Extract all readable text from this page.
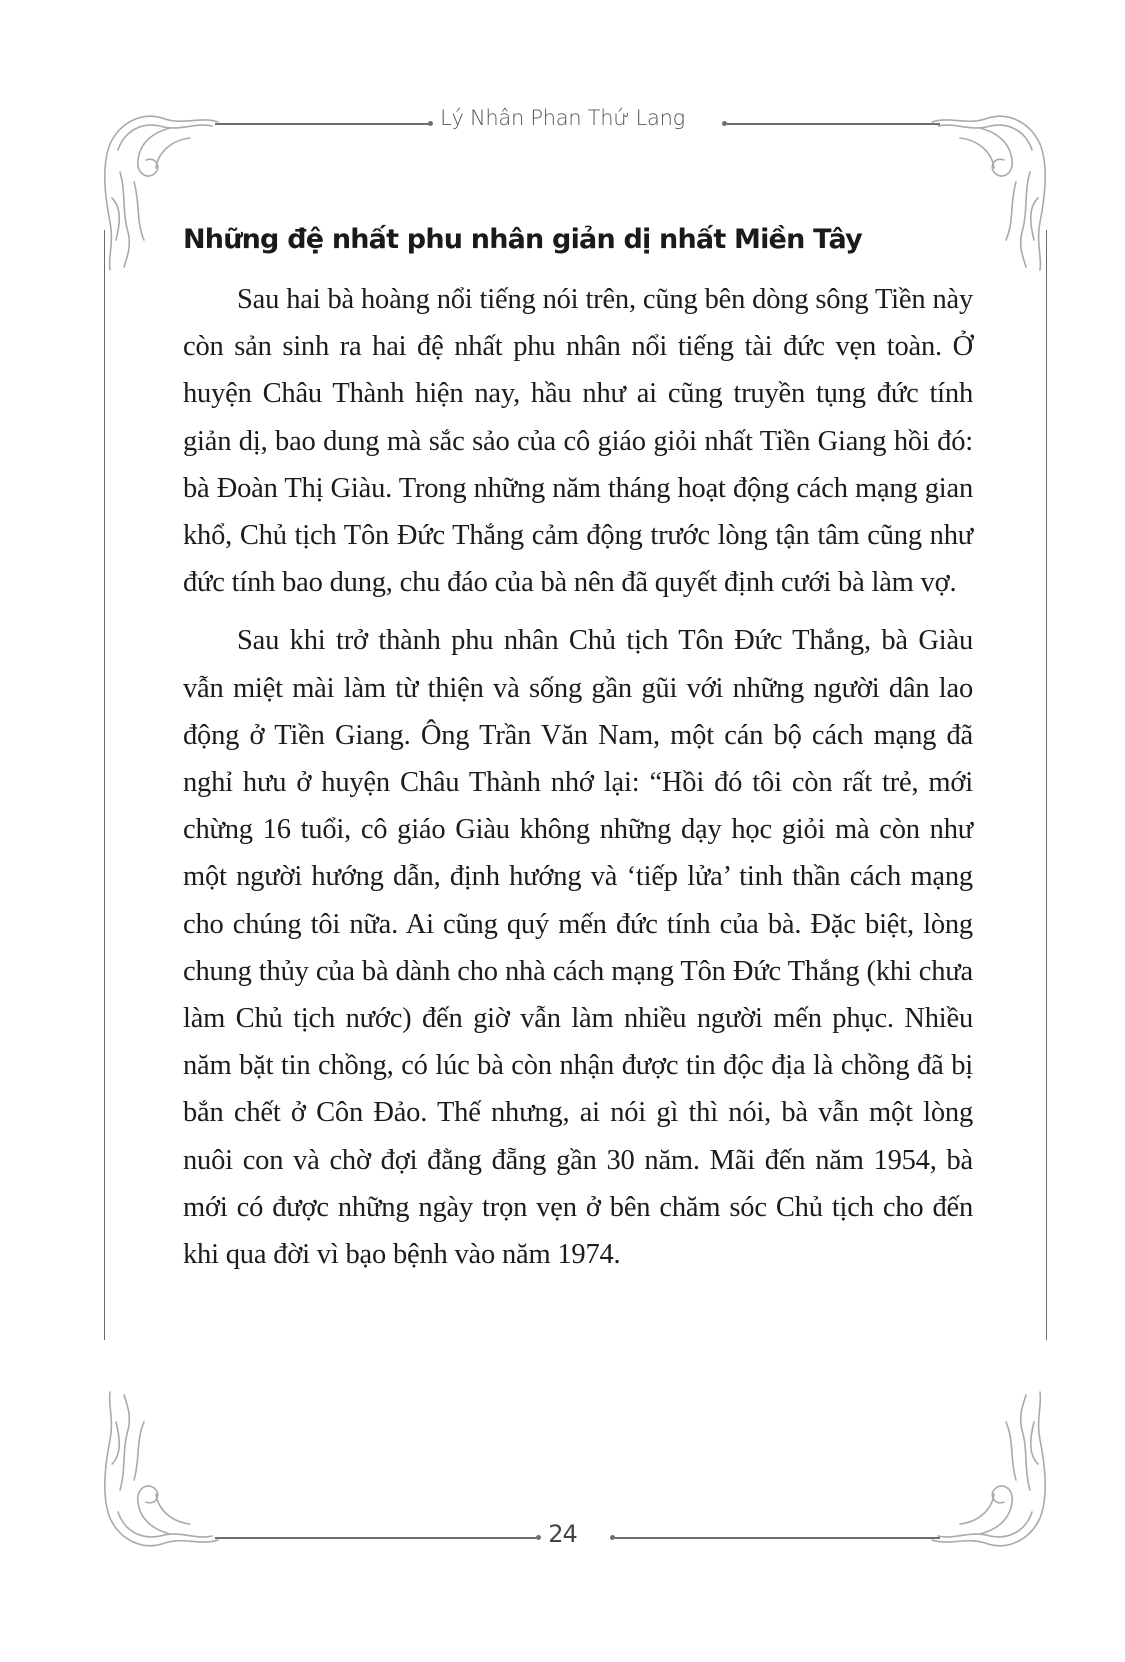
Lý Nhân Phan Thứ Lang
24
Những đệ nhất phu nhân giản dị nhất Miền Tây

Sau hai bà hoàng nổi tiếng nói trên, cũng bên dòng sông Tiền này còn sản sinh ra hai đệ nhất phu nhân nổi tiếng tài đức vẹn toàn. Ở huyện Châu Thành hiện nay, hầu như ai cũng truyền tụng đức tính giản dị, bao dung mà sắc sảo của cô giáo giỏi nhất Tiền Giang hồi đó: bà Đoàn Thị Giàu. Trong những năm tháng hoạt động cách mạng gian khổ, Chủ tịch Tôn Đức Thắng cảm động trước lòng tận tâm cũng như đức tính bao dung, chu đáo của bà nên đã quyết định cưới bà làm vợ.

Sau khi trở thành phu nhân Chủ tịch Tôn Đức Thắng, bà Giàu vẫn miệt mài làm từ thiện và sống gần gũi với những người dân lao động ở Tiền Giang. Ông Trần Văn Nam, một cán bộ cách mạng đã nghỉ hưu ở huyện Châu Thành nhớ lại: “Hồi đó tôi còn rất trẻ, mới chừng 16 tuổi, cô giáo Giàu không những dạy học giỏi mà còn như một người hướng dẫn, định hướng và ‘tiếp lửa’ tinh thần cách mạng cho chúng tôi nữa. Ai cũng quý mến đức tính của bà. Đặc biệt, lòng chung thủy của bà dành cho nhà cách mạng Tôn Đức Thắng (khi chưa làm Chủ tịch nước) đến giờ vẫn làm nhiều người mến phục. Nhiều năm bặt tin chồng, có lúc bà còn nhận được tin độc địa là chồng đã bị bắn chết ở Côn Đảo. Thế nhưng, ai nói gì thì nói, bà vẫn một lòng nuôi con và chờ đợi đằng đẵng gần 30 năm. Mãi đến năm 1954, bà mới có được những ngày trọn vẹn ở bên chăm sóc Chủ tịch cho đến khi qua đời vì bạo bệnh vào năm 1974.
